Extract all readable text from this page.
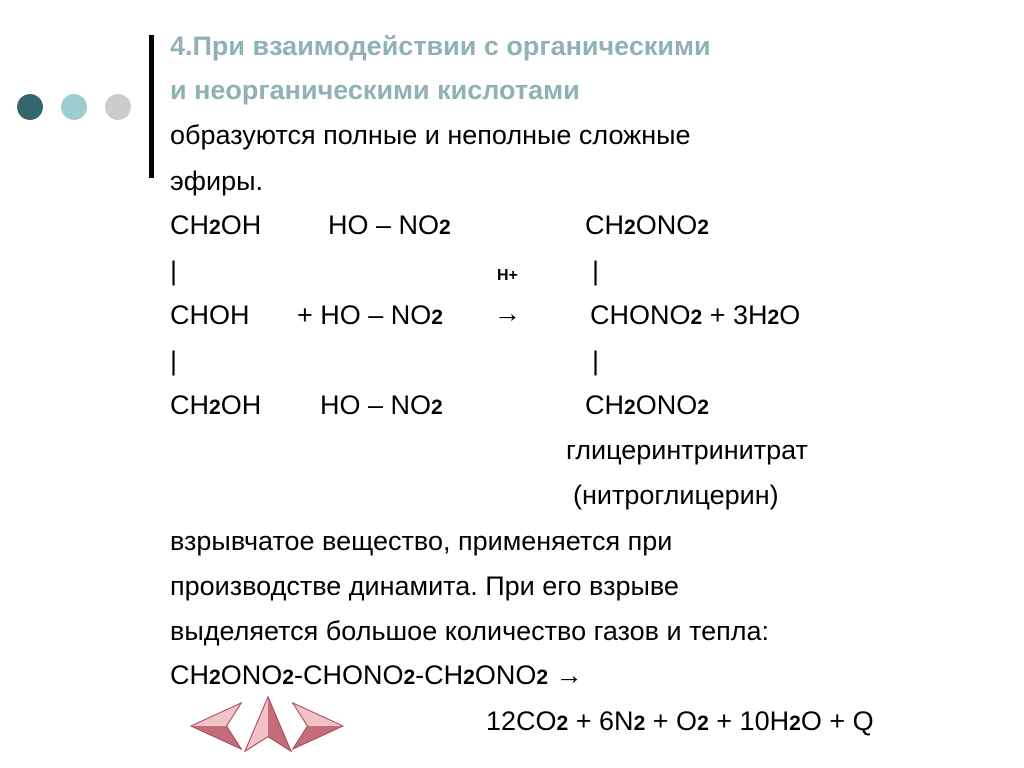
4.При взаимодействии с органическими
и неорганическими кислотами
образуются полные и неполные сложные
эфиры.
CH2OH HO – NO2	CH2ONO2
|	H+	|
CHOH + HO – NO2 →	CHONO2 + 3H2O
|	|
CH2OH HO – NO2	CH2ONO2
глицеринтринитрат
(нитроглицерин)
взрывчатое вещество, применяется при
производстве динамита. При его взрыве
выделяется большое количество газов и тепла:
CH2ONO2-CHONO2-CH2ONO2 →
12CO2 + 6N2 + O2 + 10H2O + Q
